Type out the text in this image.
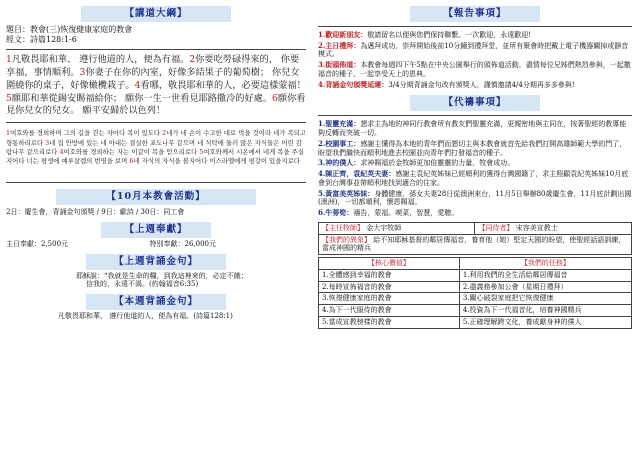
【講道大綱】

題目：教會(三)恢復健康家庭的教會

經文：詩篇128:1-6

1凡敬畏耶和華、 遵行他道的人，便為有福。2你要吃勞碌得來的， 你要享福，事情順利。3你妻子在你的內室，好像多結果子的葡萄樹； 你兒女圍繞你的桌子，好像橄欖栽子。4看哪，敬畏耶和華的人，必要這樣蒙福！5願耶和華從錫安賜福給你； 願你一生一世看見耶路撒冷的好處。6願你看見你兒女的兒女。 願平安歸於以色列！
1여호와를 경외하며 그의 길을 걷는 자마다 복이 있도다 2네가 네 손이 수고한 대로 먹을 것이라 네가 복되고 형통하리로다 3네 집 안방에 있는 네 아내는 결실한 포도나무 같으며 네 식탁에 둘러 앉은 자식들은 어린 감람나무 같으리로다 4여호와를 경외하는 자는 이같이 복을 얻으리로다 5여호와께서 시온에서 네게 복을 주실지어다 너는 평생에 예루살렘의 번영을 보며 6네 자식의 자식을 볼지어다 이스라엘에게 평강이 있을지로다
【10月本教會活動】
2日：慶生會，背誦金句頒獎 / 9日：獻詩 / 30日：同工會
【上週奉獻】
主日奉獻：2,500元	特別奉獻：26,000元
【上週背誦金句】
耶穌說：“我就是生命的糧，到我這裡來的，必定不餓；
信我的，永遠不渴。(約翰福音6:35)
【本週背誦金句】
凡敬畏耶和華、 遵行他道的人，便為有福。(詩篇128:1)
【報告事項】
1.歡迎新朋友：敬請留名以便與您們保持聯繫。一次歡迎，永遠歡迎!
2.主日禮拜：為邁拜成功，崇拜開始後前10分鐘到禮拜堂，並所有聚會時把戴上電子機器關掉或靜音模式。
3.街頭佈道：本教會每週四下午5點在中央公園舉行的頭佈道活動，盡情每位兄姊們熱烈參與，一起撒福音的種子，一起享受天上的恩典。
4.背誦金句頒獎延遲：3/4分期背誦金句改有頒獎人，謹慎邀請4/4分期再多多參與!
【代禱事項】
1.聖靈充滿：懇求主為地的神同行教會所有教友們聖靈充滿，更親密地與主同在，按著聖經的教導能夠反轉而突破一切。
2.校園事工：感謝主懂得為本地的青年們而懇切主與本教會就首先給我們打開高雄師範大學的門了，盼望我們繼快而順利地進去校園並向青年們打發福音的種子。
3.神的僕人：求神賜福於金牧師更加倍靈靈的力量，牧會成功。
4.陳正齊，袁紀英夫妻：感謝主袁紀英姊妹已經順利的獲得台灣國籍了，求主照顧袁紀英姊妹10月底會到台灣事並帶順利地找到適合的住家。
5.黃富美英姊妹：身體健康，孫女夫妻28日從澳洲來台，11月5日舉辦80歲慶生會，11月底計劃出國(澳洲)，一切都順利，懷恩賜福。
6.牛蒡筍：禱告，蒙福。喫菜，智慧，愛聰。
【主任牧師】 金大宇牧師	【同侍者】 宋容美宣教士
【我們的異象】 給不知耶穌基督的鄰居傳福音，養育他（她）堅定天國的盼望，使聖經話語訓練，當成神國的精兵
【核心價值】	【我們的任務】
1.全體感到幸福的教會	1.利用我們的全生活給鄰居傳福音
2.每時宣佈福音的教會	2.盡義務參加公會（星期日禮拜）
3.恢復健康家庭的教會	3.關心破裂家庭把它恢復健康
4.為下一代服侍的教會	4.投資為下一代福音化，培養神國精兵
5.當成宣教榜樣的教會	5.正確理解跨文化，養成獻身神的僕人
